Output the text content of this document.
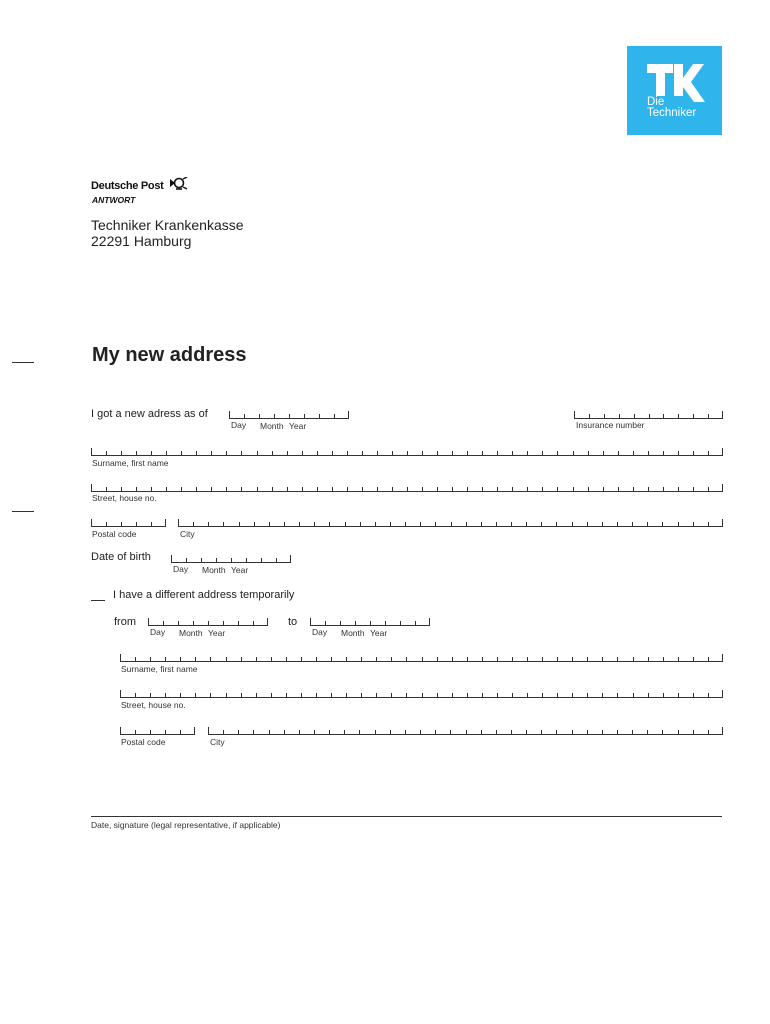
Die
Techniker
Deutsche Post
ANTWORT
Techniker Krankenkasse
22291 Hamburg
My new address
I got a new adress as of
Day Month Year	Insurance number
Surname, first name
Street, house no.
Postal code	City
Date of birth
Day Month Year
I have a different address temporarily
from
Day Month Year
to
Day Month Year
Surname, first name
Street, house no.
Postal code	City
Date, signature (legal representative, if applicable)
